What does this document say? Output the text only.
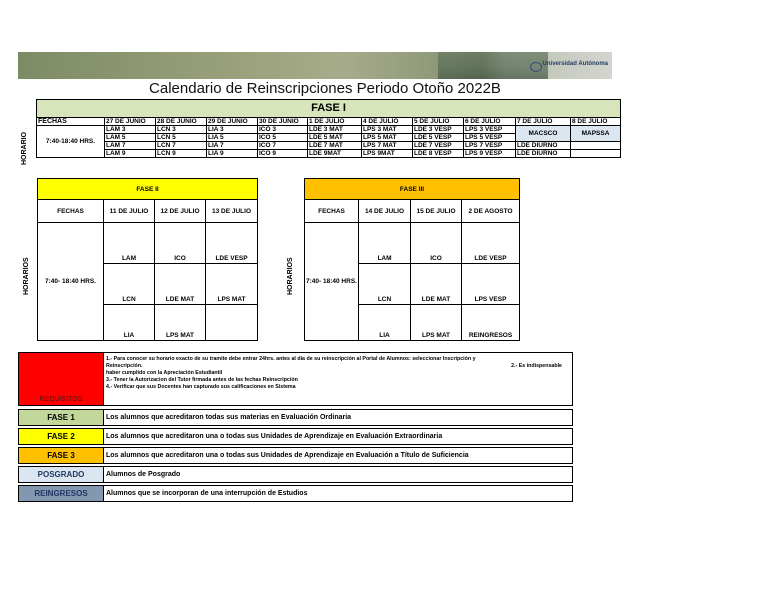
Universidad Autónoma
Calendario de Reinscripciones Periodo Otoño 2022B
HORARIO
FASE I										
FECHAS	27 DE JUNIO	28 DE JUNIO	29 DE JUNIO	30 DE JUNIO	1 DE JULIO	4 DE JULIO	5 DE JULIO	6 DE JULIO	7 DE JULIO	8 DE JULIO
7:40-18:40 HRS.	LAM 3	LCN 3	LIA 3	ICO 3	LDE 3 MAT	LPS 3 MAT	LDE 3 VESP	LPS 3 VESP	MACSCO	MAPSSA
	LAM 5	LCN 5	LIA 5	ICO 5	LDE 5 MAT	LPS 5 MAT	LDE 5 VESP	LPS 5 VESP		
	LAM 7	LCN 7	LIA 7	ICO 7	LDE 7 MAT	LPS 7 MAT	LDE 7 VESP	LPS 7 VESP	LDE DIURNO	
	LAM 9	LCN 9	LIA 9	ICO 9	LDE 9MAT	LPS 9MAT	LDE 8 VESP	LPS 9 VESP	LDE DIURNO	
HORARIOS
FASE II			
FECHAS	11 DE JULIO	12 DE JULIO	13 DE JULIO
7:40- 18:40 HRS.	LAM	ICO	LDE VESP
	LCN	LDE MAT	LPS MAT
	LIA	LPS MAT	
HORARIOS
FASE III			
FECHAS	14 DE JULIO	15 DE JULIO	2 DE AGOSTO
7:40- 18:40 HRS.	LAM	ICO	LDE VESP
	LCN	LDE MAT	LPS VESP
	LIA	LPS MAT	REINGRESOS
REQUISITOS
1.- Para conocer su horario exacto de su tramite debe entrar 24hrs. antes al dia de su reinscripción al Portal de Alumnos: seleccionar Inscripción y
Reinscripción.
haber cumplido con la Apreciación Estudiantil
3.- Tener la Autorizacion del Tutor firmada antes de las fechas Reinscripción
4.- Verificar que sus Docentes han capturado sus calificaciones en Sistema
2.- Es indispensable
FASE 1	Los alumnos que acreditaron todas sus materias en Evaluación Ordinaria
FASE 2	Los alumnos que acreditaron una o todas sus Unidades de Aprendizaje en Evaluación Extraordinaria
FASE 3	Los alumnos que acreditaron una o todas sus Unidades de Aprendizaje en Evaluación a Título de Suficiencia
POSGRADO	Alumnos de Posgrado
REINGRESOS	Alumnos que se incorporan de una interrupción de Estudios
